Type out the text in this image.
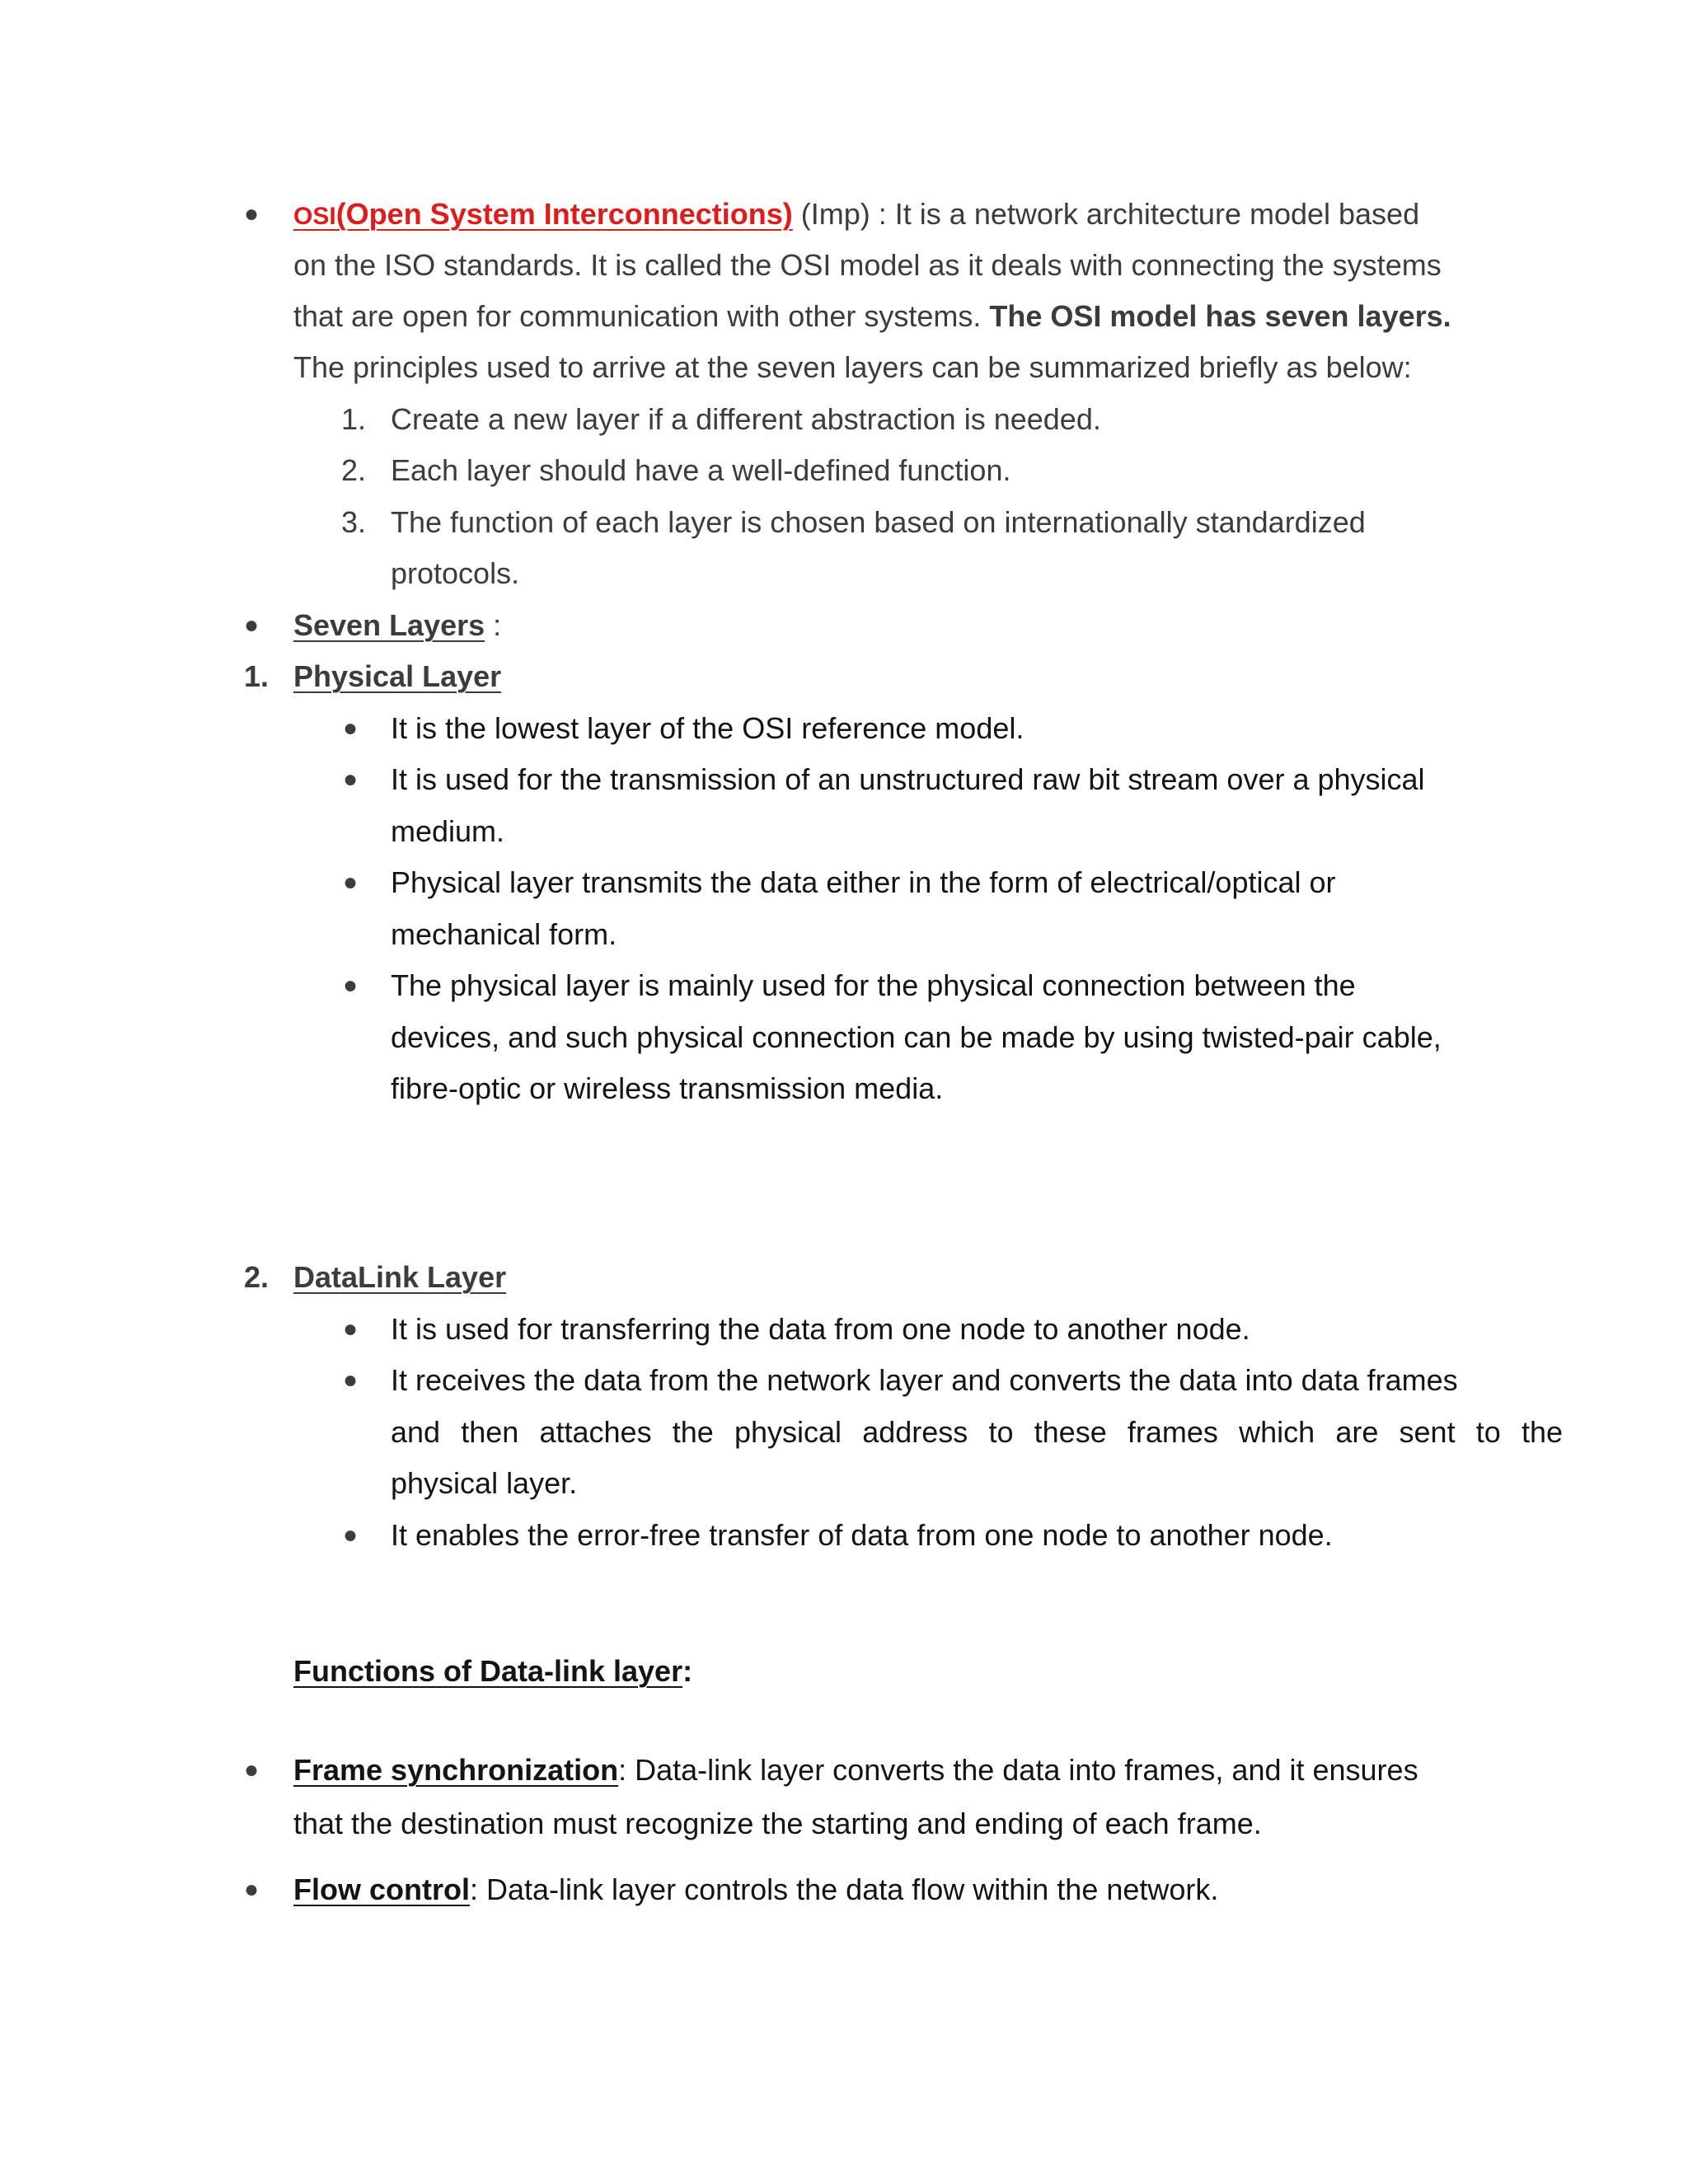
● OSI(Open System Interconnections) (Imp) : It is a network architecture model based
on the ISO standards. It is called the OSI model as it deals with connecting the systems
that are open for communication with other systems. The OSI model has seven layers.
The principles used to arrive at the seven layers can be summarized briefly as below:
1. Create a new layer if a different abstraction is needed.
2. Each layer should have a well-defined function.
3. The function of each layer is chosen based on internationally standardized
protocols.
● Seven Layers :
1. Physical Layer
● It is the lowest layer of the OSI reference model.
● It is used for the transmission of an unstructured raw bit stream over a physical
medium.
● Physical layer transmits the data either in the form of electrical/optical or
mechanical form.
● The physical layer is mainly used for the physical connection between the
devices, and such physical connection can be made by using twisted-pair cable,
fibre-optic or wireless transmission media.
2. DataLink Layer
● It is used for transferring the data from one node to another node.
● It receives the data from the network layer and converts the data into data frames
and then attaches the physical address to these frames which are sent to the
physical layer.
● It enables the error-free transfer of data from one node to another node.
Functions of Data-link layer:
● Frame synchronization: Data-link layer converts the data into frames, and it ensures
that the destination must recognize the starting and ending of each frame.
● Flow control: Data-link layer controls the data flow within the network.
